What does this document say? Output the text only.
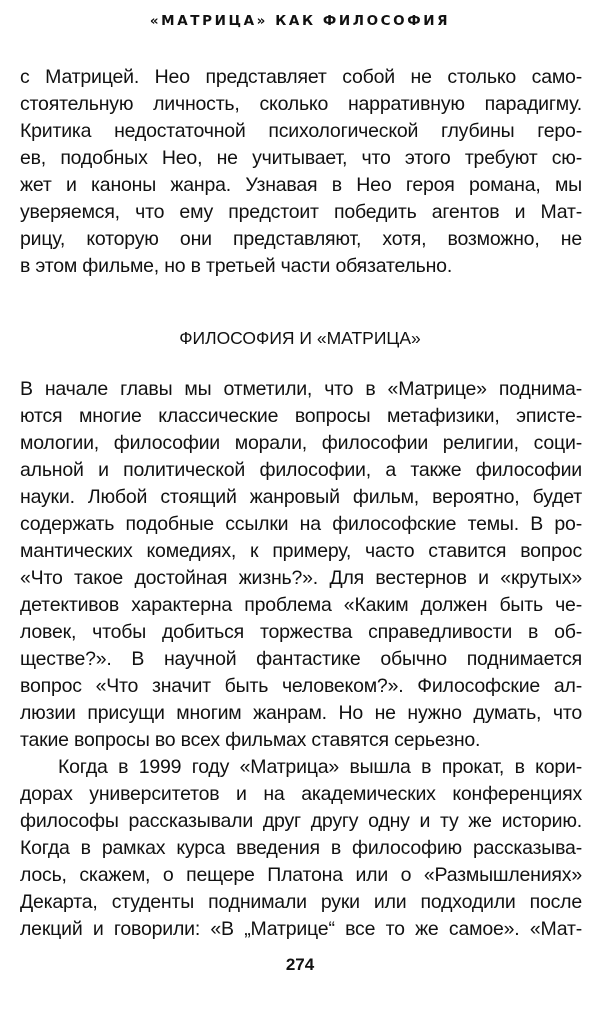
«МАТРИЦА» КАК ФИЛОСОФИЯ
с Матрицей. Нео представляет собой не столько само-
стоятельную личность, сколько нарративную парадигму.
Критика недостаточной психологической глубины геро-
ев, подобных Нео, не учитывает, что этого требуют сю-
жет и каноны жанра. Узнавая в Нео героя романа, мы
уверяемся, что ему предстоит победить агентов и Мат-
рицу, которую они представляют, хотя, возможно, не
в этом фильме, но в третьей части обязательно.
ФИЛОСОФИЯ И «МАТРИЦА»
В начале главы мы отметили, что в «Матрице» поднима-
ются многие классические вопросы метафизики, эписте-
мологии, философии морали, философии религии, соци-
альной и политической философии, а также философии
науки. Любой стоящий жанровый фильм, вероятно, будет
содержать подобные ссылки на философские темы. В ро-
мантических комедиях, к примеру, часто ставится вопрос
«Что такое достойная жизнь?». Для вестернов и «крутых»
детективов характерна проблема «Каким должен быть че-
ловек, чтобы добиться торжества справедливости в об-
ществе?». В научной фантастике обычно поднимается
вопрос «Что значит быть человеком?». Философские ал-
люзии присущи многим жанрам. Но не нужно думать, что
такие вопросы во всех фильмах ставятся серьезно.
Когда в 1999 году «Матрица» вышла в прокат, в кори-
дорах университетов и на академических конференциях
философы рассказывали друг другу одну и ту же историю.
Когда в рамках курса введения в философию рассказыва-
лось, скажем, о пещере Платона или о «Размышлениях»
Декарта, студенты поднимали руки или подходили после
лекций и говорили: «В „Матрице“ все то же самое». «Мат-
274
